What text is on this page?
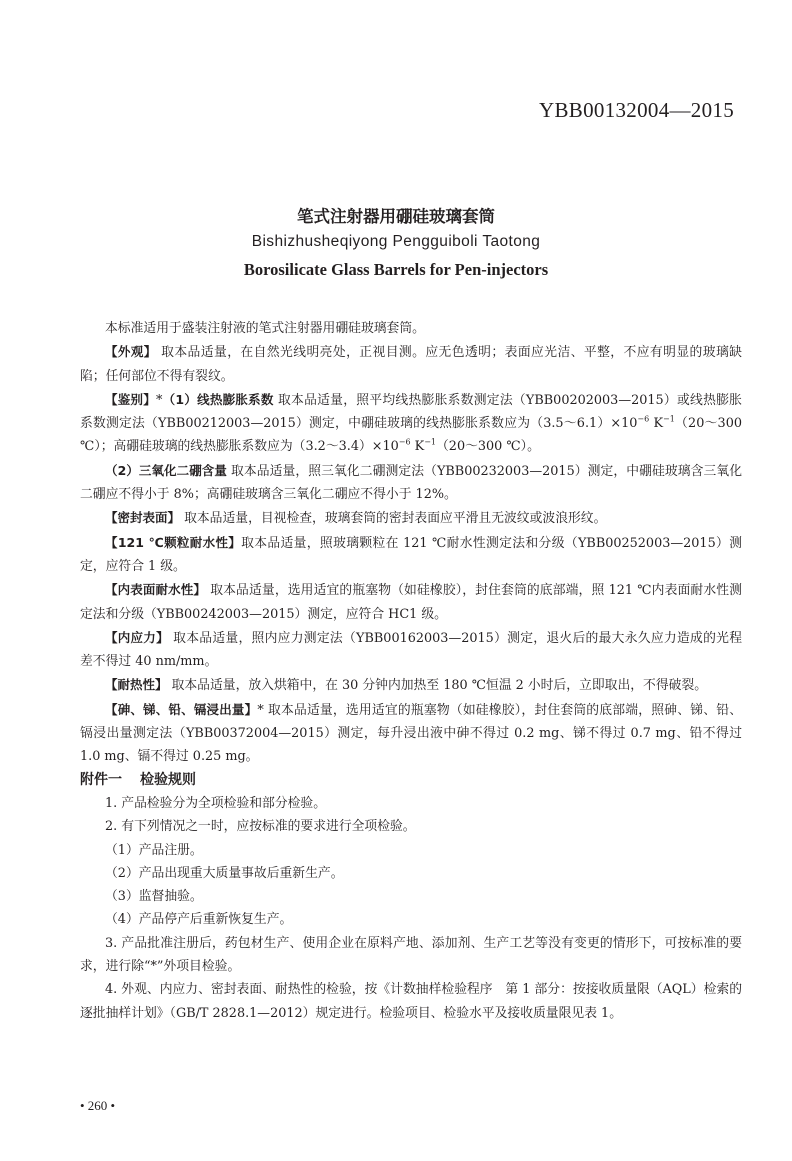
YBB00132004—2015
笔式注射器用硼硅玻璃套筒
Bishizhusheqiyong Pengguiboli Taotong
Borosilicate Glass Barrels for Pen-injectors

本标准适用于盛装注射液的笔式注射器用硼硅玻璃套筒。

【外观】 取本品适量，在自然光线明亮处，正视目测。应无色透明；表面应光洁、平整，不应有明显的玻璃缺陷；任何部位不得有裂纹。

【鉴别】*（1）线热膨胀系数 取本品适量，照平均线热膨胀系数测定法（YBB00202003—2015）或线热膨胀系数测定法（YBB00212003—2015）测定，中硼硅玻璃的线热膨胀系数应为$(3.5\sim 6.1)\times 10^{-6}$ $K^{-1}(20\sim 300$ ℃）；高硼硅玻璃的线热膨胀系数应为$(3.2\sim 3.4)\times 10^{-6}$ $K^{-1}(20\sim 300$ ℃）。

（2）三氧化二硼含量 取本品适量，照三氧化二硼测定法（YBB00232003—2015）测定，中硼硅玻璃含三氧化二硼应不得小于 8%；高硼硅玻璃含三氧化二硼应不得小于 12%。

【密封表面】 取本品适量，目视检查，玻璃套筒的密封表面应平滑且无波纹或波浪形纹。

【121 ℃颗粒耐水性】取本品适量，照玻璃颗粒在 121 ℃耐水性测定法和分级（YBB00252003—2015）测定，应符合 1 级。

【内表面耐水性】 取本品适量，选用适宜的瓶塞物（如硅橡胶），封住套筒的底部端，照 121 ℃内表面耐水性测定法和分级（YBB00242003—2015）测定，应符合 HC1 级。

【内应力】 取本品适量，照内应力测定法（YBB00162003—2015）测定，退火后的最大永久应力造成的光程差不得过 40 nm/mm。

【耐热性】 取本品适量，放入烘箱中，在 30 分钟内加热至 180 ℃恒温 2 小时后，立即取出，不得破裂。

【砷、锑、铅、镉浸出量】* 取本品适量，选用适宜的瓶塞物（如硅橡胶），封住套筒的底部端，照砷、锑、铅、镉浸出量测定法（YBB00372004—2015）测定，每升浸出液中砷不得过 0.2 mg、锑不得过 0.7 mg、铅不得过 1.0 mg、镉不得过 0.25 mg。

附件一 检验规则

1. 产品检验分为全项检验和部分检验。

2. 有下列情况之一时，应按标准的要求进行全项检验。

（1）产品注册。

（2）产品出现重大质量事故后重新生产。

（3）监督抽验。

（4）产品停产后重新恢复生产。

3. 产品批准注册后，药包材生产、使用企业在原料产地、添加剂、生产工艺等没有变更的情形下，可按标准的要求，进行除“*”外项目检验。

4. 外观、内应力、密封表面、耐热性的检验，按《计数抽样检验程序　第 1 部分：按接收质量限（AQL）检索的逐批抽样计划》（GB/T 2828.1—2012）规定进行。检验项目、检验水平及接收质量限见表 1。

• 260 •
